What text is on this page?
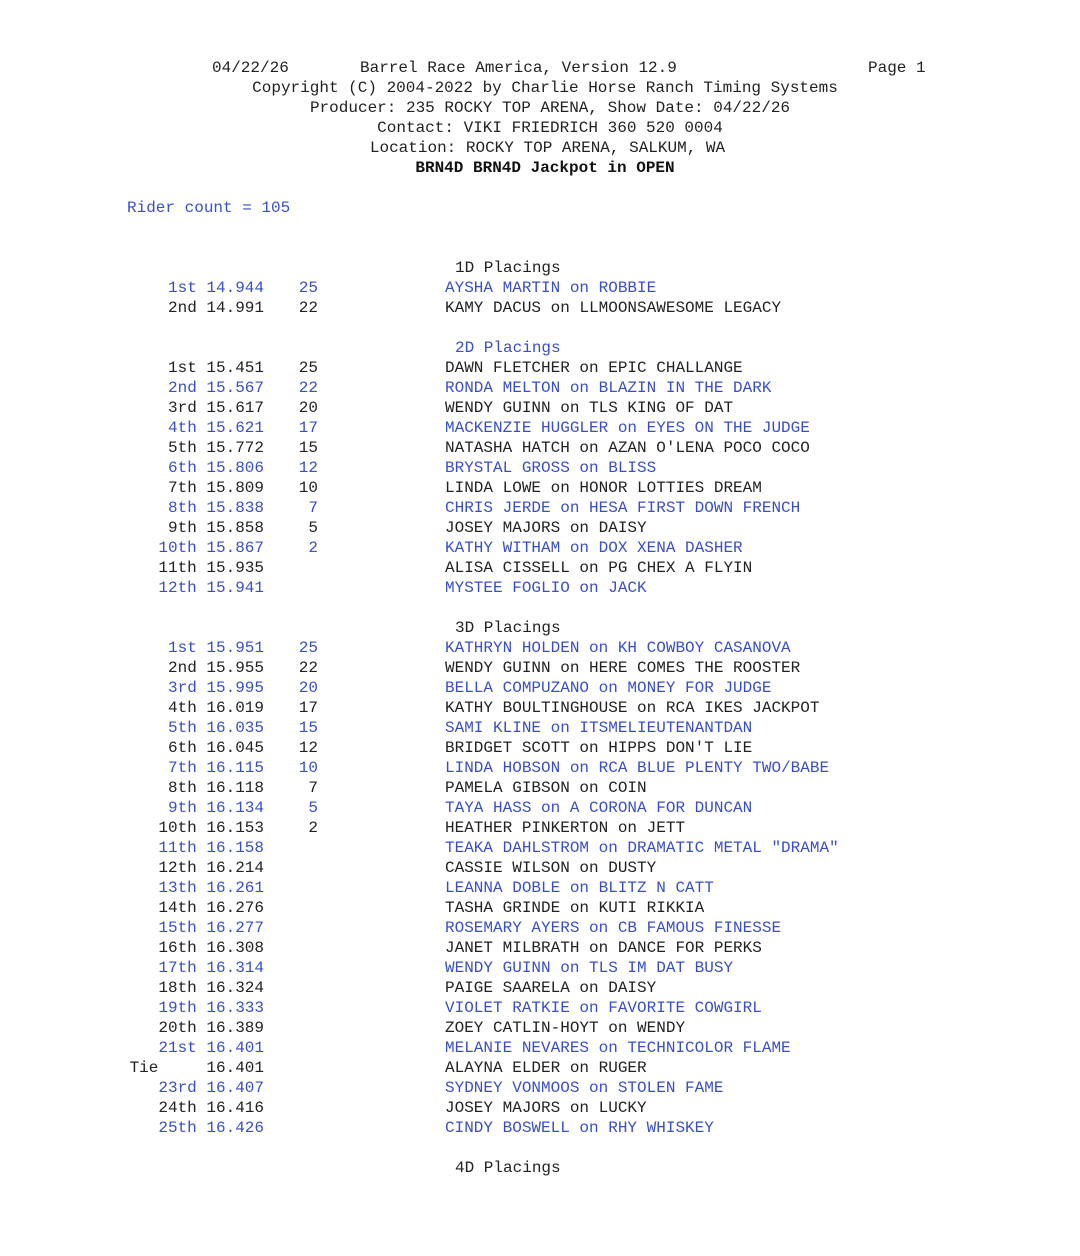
04/22/26	Barrel Race America, Version 12.9	Page 1
Copyright (C) 2004-2022 by Charlie Horse Ranch Timing Systems
Producer: 235 ROCKY TOP ARENA, Show Date: 04/22/26
Contact: VIKI FRIEDRICH 360 520 0004
Location: ROCKY TOP ARENA, SALKUM, WA
BRN4D BRN4D Jackpot in OPEN
Rider count = 105
1D Placings
1st 14.944 25	AYSHA MARTIN on ROBBIE
2nd 14.991 22	KAMY DACUS on LLMOONSAWESOME LEGACY
2D Placings
1st 15.451 25	DAWN FLETCHER on EPIC CHALLANGE
2nd 15.567 22	RONDA MELTON on BLAZIN IN THE DARK
3rd 15.617 20	WENDY GUINN on TLS KING OF DAT
4th 15.621 17	MACKENZIE HUGGLER on EYES ON THE JUDGE
5th 15.772 15	NATASHA HATCH on AZAN O'LENA POCO COCO
6th 15.806 12	BRYSTAL GROSS on BLISS
7th 15.809 10	LINDA LOWE on HONOR LOTTIES DREAM
8th 15.838	7	CHRIS JERDE on HESA FIRST DOWN FRENCH
9th 15.858	5	JOSEY MAJORS on DAISY
10th 15.867	2	KATHY WITHAM on DOX XENA DASHER
11th 15.935	ALISA CISSELL on PG CHEX A FLYIN
12th 15.941	MYSTEE FOGLIO on JACK
3D Placings
1st 15.951 25	KATHRYN HOLDEN on KH COWBOY CASANOVA
2nd 15.955 22	WENDY GUINN on HERE COMES THE ROOSTER
3rd 15.995 20	BELLA COMPUZANO on MONEY FOR JUDGE
4th 16.019 17	KATHY BOULTINGHOUSE on RCA IKES JACKPOT
5th 16.035 15	SAMI KLINE on ITSMELIEUTENANTDAN
6th 16.045 12	BRIDGET SCOTT on HIPPS DON'T LIE
7th 16.115 10	LINDA HOBSON on RCA BLUE PLENTY TWO/BABE
8th 16.118	7	PAMELA GIBSON on COIN
9th 16.134	5	TAYA HASS on A CORONA FOR DUNCAN
10th 16.153	2	HEATHER PINKERTON on JETT
11th 16.158	TEAKA DAHLSTROM on DRAMATIC METAL "DRAMA"
12th 16.214	CASSIE WILSON on DUSTY
13th 16.261	LEANNA DOBLE on BLITZ N CATT
14th 16.276	TASHA GRINDE on KUTI RIKKIA
15th 16.277	ROSEMARY AYERS on CB FAMOUS FINESSE
16th 16.308	JANET MILBRATH on DANCE FOR PERKS
17th 16.314	WENDY GUINN on TLS IM DAT BUSY
18th 16.324	PAIGE SAARELA on DAISY
19th 16.333	VIOLET RATKIE on FAVORITE COWGIRL
20th 16.389	ZOEY CATLIN-HOYT on WENDY
21st 16.401	MELANIE NEVARES on TECHNICOLOR FLAME
Tie     16.401	ALAYNA ELDER on RUGER
23rd 16.407	SYDNEY VONMOOS on STOLEN FAME
24th 16.416	JOSEY MAJORS on LUCKY
25th 16.426	CINDY BOSWELL on RHY WHISKEY
4D Placings
